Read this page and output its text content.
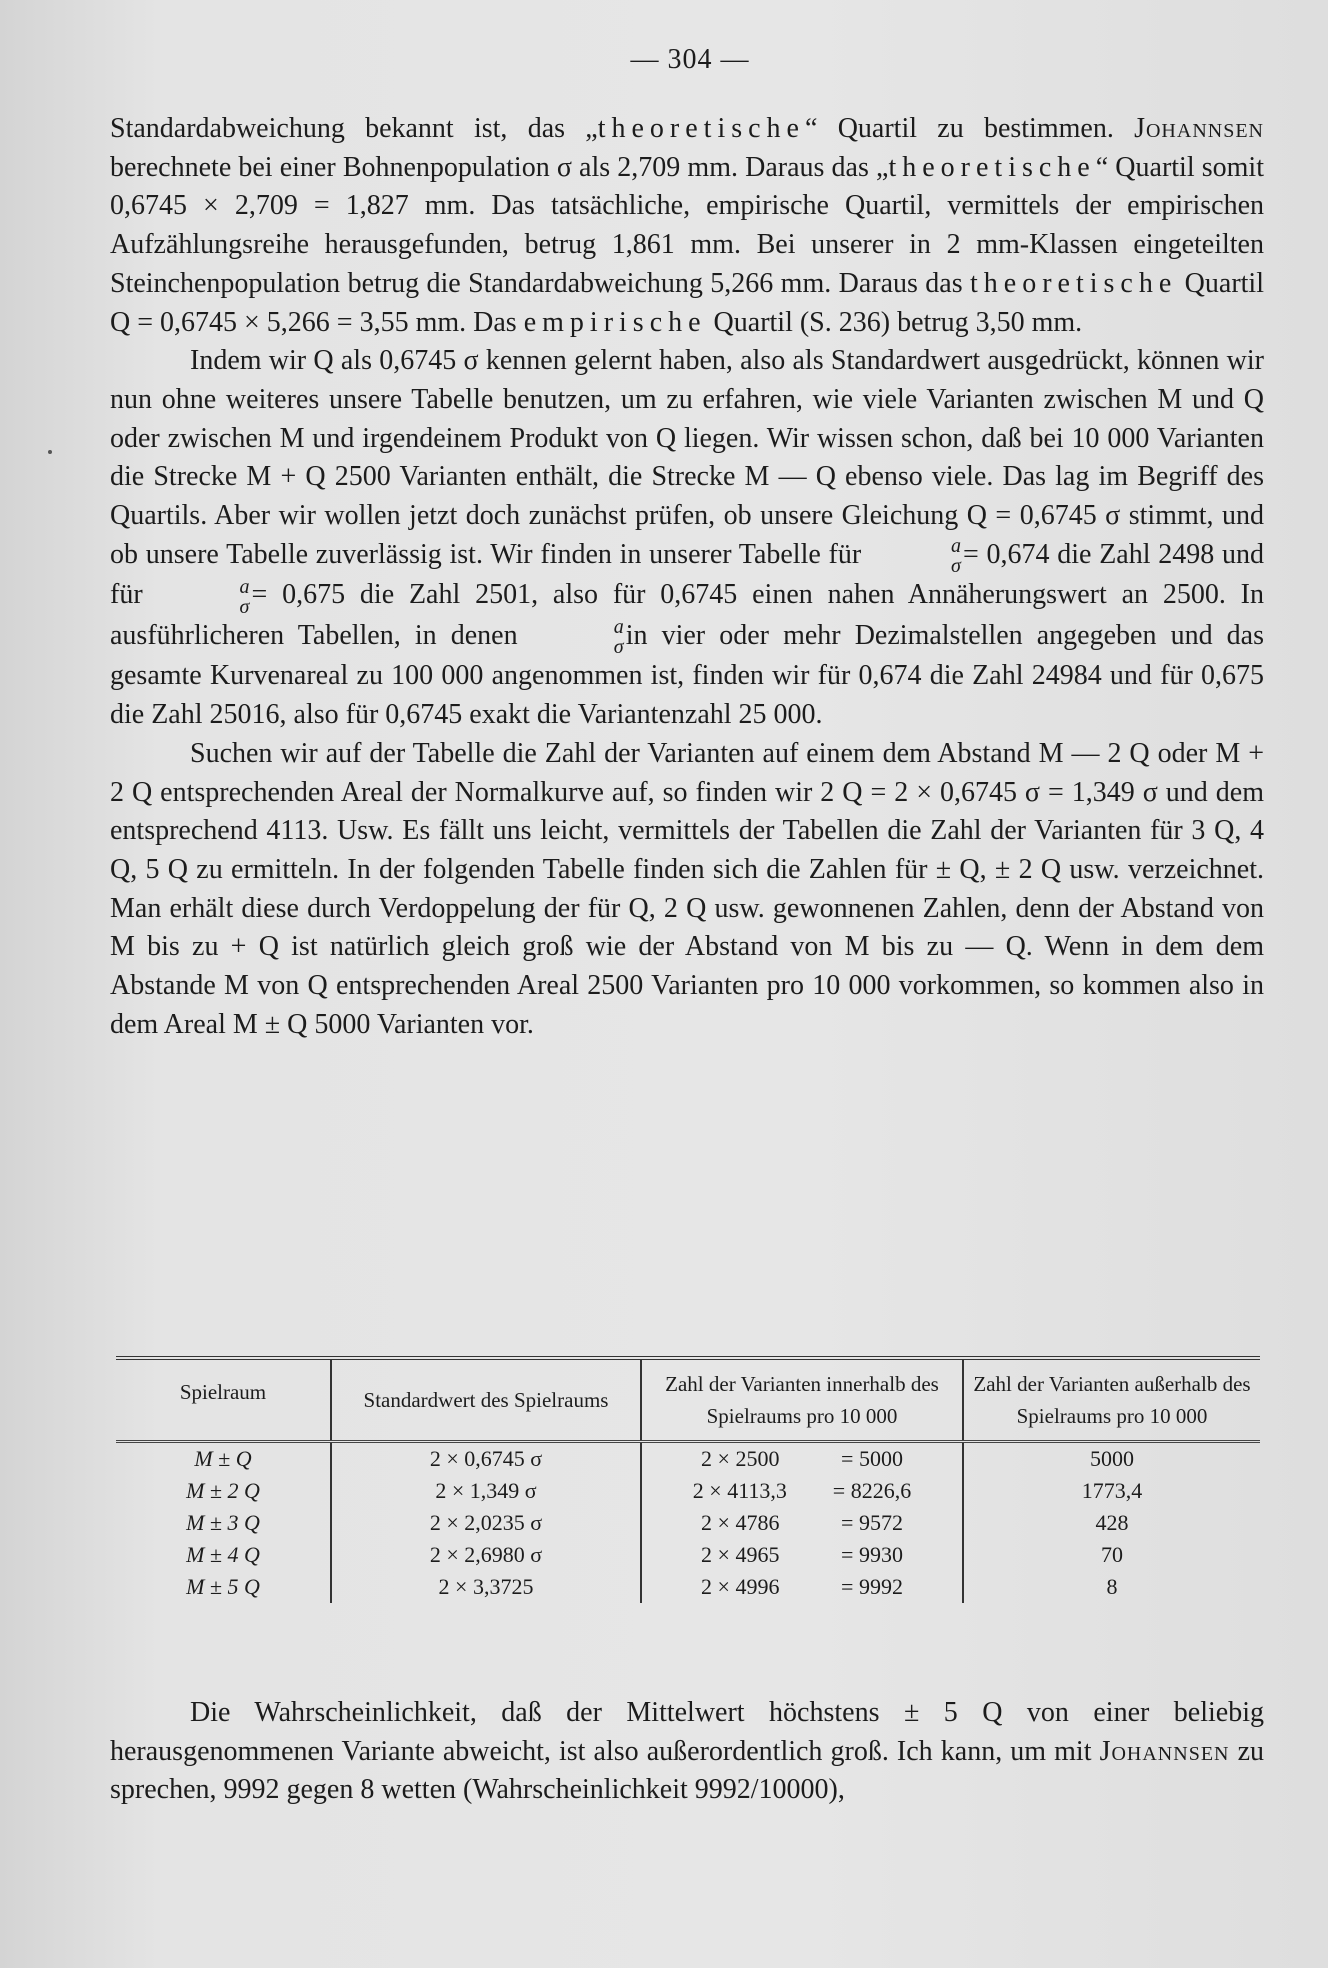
— 304 —

Standardabweichung bekannt ist, das „theoretische“ Quartil zu bestimmen. Johannsen berechnete bei einer Bohnenpopulation σ als 2,709 mm. Daraus das „theoretische“ Quartil somit 0,6745 × 2,709 = 1,827 mm. Das tatsächliche, empirische Quartil, vermittels der empirischen Aufzählungsreihe herausgefunden, betrug 1,861 mm. Bei unserer in 2 mm-Klassen eingeteilten Steinchenpopulation betrug die Standardabweichung 5,266 mm. Daraus das theoretische Quartil Q = 0,6745 × 5,266 = 3,55 mm. Das empirische Quartil (S. 236) betrug 3,50 mm.

Indem wir Q als 0,6745 σ kennen gelernt haben, also als Standardwert ausgedrückt, können wir nun ohne weiteres unsere Tabelle benutzen, um zu erfahren, wie viele Varianten zwischen M und Q oder zwischen M und irgendeinem Produkt von Q liegen. Wir wissen schon, daß bei 10 000 Varianten die Strecke M + Q 2500 Varianten enthält, die Strecke M — Q ebenso viele. Das lag im Begriff des Quartils. Aber wir wollen jetzt doch zunächst prüfen, ob unsere Gleichung Q = 0,6745 σ stimmt, und ob unsere Tabelle zuverlässig ist. Wir finden in unserer Tabelle für	a
σ = 0,674 die Zahl 2498 und für	a
σ = 0,675 die Zahl 2501, also für 0,6745 einen nahen Annäherungswert an 2500. In ausführlicheren Tabellen, in denen	a
σ in vier oder mehr Dezimalstellen angegeben und das gesamte Kurvenareal zu 100 000 angenommen ist, finden wir für 0,674 die Zahl 24984 und für 0,675 die Zahl 25016, also für 0,6745 exakt die Variantenzahl 25 000.

Suchen wir auf der Tabelle die Zahl der Varianten auf einem dem Abstand M — 2 Q oder M + 2 Q entsprechenden Areal der Normalkurve auf, so finden wir 2 Q = 2 × 0,6745 σ = 1,349 σ und dem entsprechend 4113. Usw. Es fällt uns leicht, vermittels der Tabellen die Zahl der Varianten für 3 Q, 4 Q, 5 Q zu ermitteln. In der folgenden Tabelle finden sich die Zahlen für ± Q, ± 2 Q usw. verzeichnet. Man erhält diese durch Verdoppelung der für Q, 2 Q usw. gewonnenen Zahlen, denn der Abstand von M bis zu + Q ist natürlich gleich groß wie der Abstand von M bis zu — Q. Wenn in dem dem Abstande M von Q entsprechenden Areal 2500 Varianten pro 10 000 vorkommen, so kommen also in dem Areal M ± Q 5000 Varianten vor.

Spielraum	Standardwert des Spielraums	Zahl der Varianten innerhalb des Spielraums pro 10 000	Zahl der Varianten außerhalb des Spielraums pro 10 000
M ± Q	2 × 0,6745 σ	2 × 2500 = 5000	5000
M ± 2 Q	2 × 1,349 σ	2 × 4113,3 = 8226,6	1773,4
M ± 3 Q	2 × 2,0235 σ	2 × 4786 = 9572	428
M ± 4 Q	2 × 2,6980 σ	2 × 4965 = 9930	70
M ± 5 Q	2 × 3,3725	2 × 4996 = 9992	8

Die Wahrscheinlichkeit, daß der Mittelwert höchstens ± 5 Q von einer beliebig herausgenommenen Variante abweicht, ist also außerordentlich groß. Ich kann, um mit Johannsen zu sprechen, 9992 gegen 8 wetten (Wahrscheinlichkeit 9992/10000),
